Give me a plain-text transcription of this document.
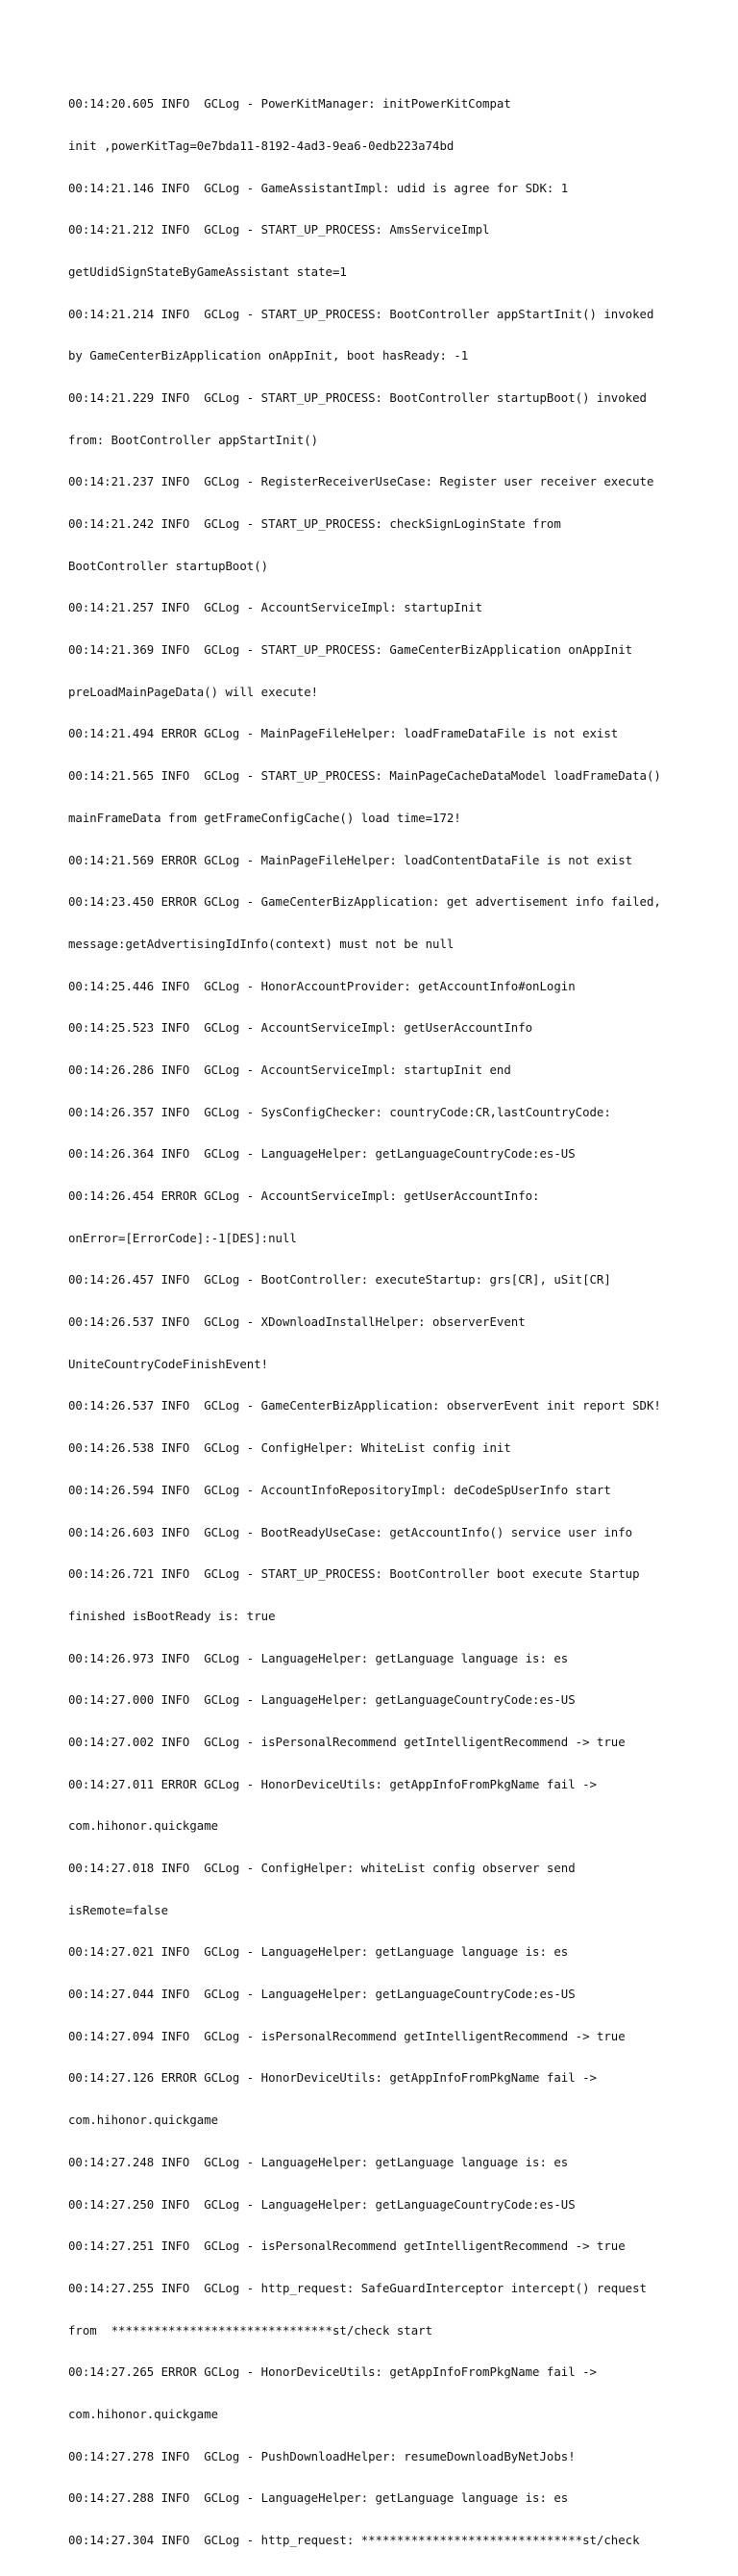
00:14:20.605 INFO  GCLog - PowerKitManager: initPowerKitCompat

init ,powerKitTag=0e7bda11-8192-4ad3-9ea6-0edb223a74bd

00:14:21.146 INFO  GCLog - GameAssistantImpl: udid is agree for SDK: 1

00:14:21.212 INFO  GCLog - START_UP_PROCESS: AmsServiceImpl

getUdidSignStateByGameAssistant state=1

00:14:21.214 INFO  GCLog - START_UP_PROCESS: BootController appStartInit() invoked

by GameCenterBizApplication onAppInit, boot hasReady: -1

00:14:21.229 INFO  GCLog - START_UP_PROCESS: BootController startupBoot() invoked

from: BootController appStartInit()

00:14:21.237 INFO  GCLog - RegisterReceiverUseCase: Register user receiver execute

00:14:21.242 INFO  GCLog - START_UP_PROCESS: checkSignLoginState from

BootController startupBoot()

00:14:21.257 INFO  GCLog - AccountServiceImpl: startupInit

00:14:21.369 INFO  GCLog - START_UP_PROCESS: GameCenterBizApplication onAppInit

preLoadMainPageData() will execute!

00:14:21.494 ERROR GCLog - MainPageFileHelper: loadFrameDataFile is not exist

00:14:21.565 INFO  GCLog - START_UP_PROCESS: MainPageCacheDataModel loadFrameData()

mainFrameData from getFrameConfigCache() load time=172!

00:14:21.569 ERROR GCLog - MainPageFileHelper: loadContentDataFile is not exist

00:14:23.450 ERROR GCLog - GameCenterBizApplication: get advertisement info failed,

message:getAdvertisingIdInfo(context) must not be null

00:14:25.446 INFO  GCLog - HonorAccountProvider: getAccountInfo#onLogin

00:14:25.523 INFO  GCLog - AccountServiceImpl: getUserAccountInfo

00:14:26.286 INFO  GCLog - AccountServiceImpl: startupInit end

00:14:26.357 INFO  GCLog - SysConfigChecker: countryCode:CR,lastCountryCode:

00:14:26.364 INFO  GCLog - LanguageHelper: getLanguageCountryCode:es-US

00:14:26.454 ERROR GCLog - AccountServiceImpl: getUserAccountInfo:

onError=[ErrorCode]:-1[DES]:null

00:14:26.457 INFO  GCLog - BootController: executeStartup: grs[CR], uSit[CR]

00:14:26.537 INFO  GCLog - XDownloadInstallHelper: observerEvent

UniteCountryCodeFinishEvent!

00:14:26.537 INFO  GCLog - GameCenterBizApplication: observerEvent init report SDK!

00:14:26.538 INFO  GCLog - ConfigHelper: WhiteList config init

00:14:26.594 INFO  GCLog - AccountInfoRepositoryImpl: deCodeSpUserInfo start

00:14:26.603 INFO  GCLog - BootReadyUseCase: getAccountInfo() service user info

00:14:26.721 INFO  GCLog - START_UP_PROCESS: BootController boot execute Startup

finished isBootReady is: true

00:14:26.973 INFO  GCLog - LanguageHelper: getLanguage language is: es

00:14:27.000 INFO  GCLog - LanguageHelper: getLanguageCountryCode:es-US

00:14:27.002 INFO  GCLog - isPersonalRecommend getIntelligentRecommend -> true

00:14:27.011 ERROR GCLog - HonorDeviceUtils: getAppInfoFromPkgName fail ->

com.hihonor.quickgame

00:14:27.018 INFO  GCLog - ConfigHelper: whiteList config observer send

isRemote=false

00:14:27.021 INFO  GCLog - LanguageHelper: getLanguage language is: es

00:14:27.044 INFO  GCLog - LanguageHelper: getLanguageCountryCode:es-US

00:14:27.094 INFO  GCLog - isPersonalRecommend getIntelligentRecommend -> true

00:14:27.126 ERROR GCLog - HonorDeviceUtils: getAppInfoFromPkgName fail ->

com.hihonor.quickgame

00:14:27.248 INFO  GCLog - LanguageHelper: getLanguage language is: es

00:14:27.250 INFO  GCLog - LanguageHelper: getLanguageCountryCode:es-US

00:14:27.251 INFO  GCLog - isPersonalRecommend getIntelligentRecommend -> true

00:14:27.255 INFO  GCLog - http_request: SafeGuardInterceptor intercept() request

from  *******************************st/check start

00:14:27.265 ERROR GCLog - HonorDeviceUtils: getAppInfoFromPkgName fail ->

com.hihonor.quickgame

00:14:27.278 INFO  GCLog - PushDownloadHelper: resumeDownloadByNetJobs!

00:14:27.288 INFO  GCLog - LanguageHelper: getLanguage language is: es

00:14:27.304 INFO  GCLog - http_request: *******************************st/check
